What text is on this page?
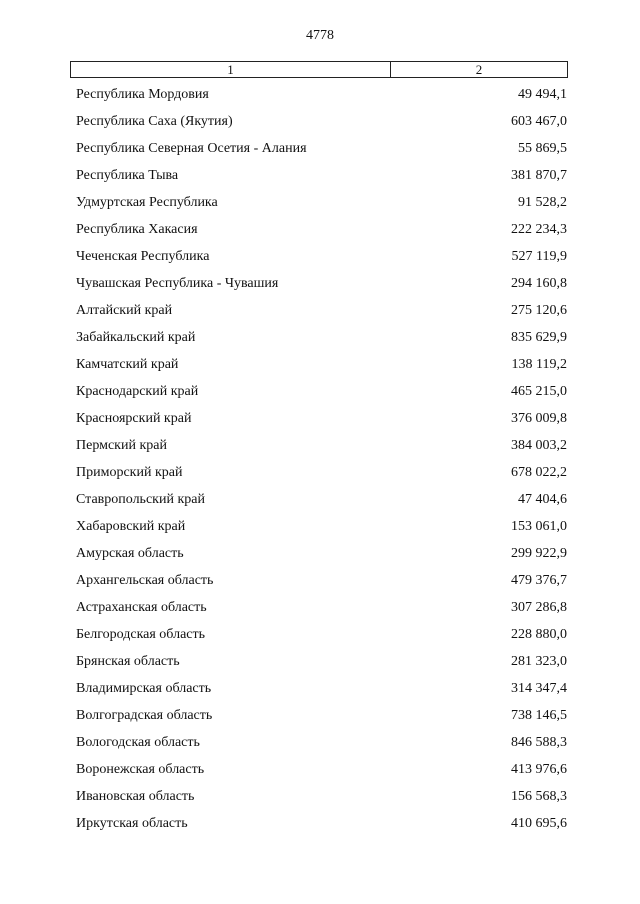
4778
1	2
Республика Мордовия	49 494,1
Республика Саха (Якутия)	603 467,0
Республика Северная Осетия - Алания	55 869,5
Республика Тыва	381 870,7
Удмуртская Республика	91 528,2
Республика Хакасия	222 234,3
Чеченская Республика	527 119,9
Чувашская Республика - Чувашия	294 160,8
Алтайский край	275 120,6
Забайкальский край	835 629,9
Камчатский край	138 119,2
Краснодарский край	465 215,0
Красноярский край	376 009,8
Пермский край	384 003,2
Приморский край	678 022,2
Ставропольский край	47 404,6
Хабаровский край	153 061,0
Амурская область	299 922,9
Архангельская область	479 376,7
Астраханская область	307 286,8
Белгородская область	228 880,0
Брянская область	281 323,0
Владимирская область	314 347,4
Волгоградская область	738 146,5
Вологодская область	846 588,3
Воронежская область	413 976,6
Ивановская область	156 568,3
Иркутская область	410 695,6
